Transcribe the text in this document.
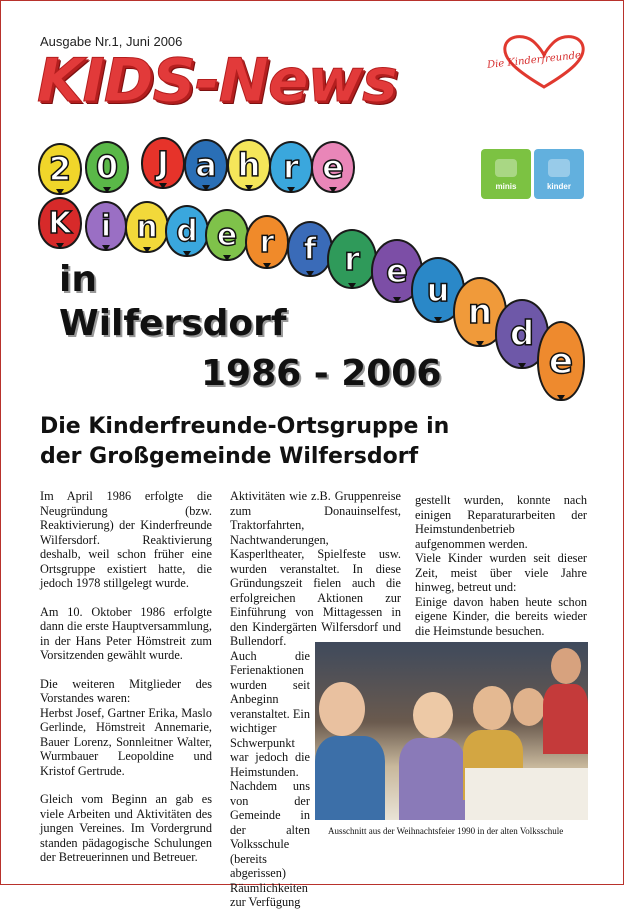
Ausgabe Nr.1, Juni 2006
KIDS-News	Die Kinderfreunde
minis	kinder
2 0	J a h r e
K i n d e r f r e u
n
d
e
in
Wilfersdorf
1986 - 2006
Die Kinderfreunde-Ortsgruppe in der Großgemeinde Wilfersdorf

Im April 1986 erfolgte die Neugründung (bzw. Reaktivierung) der Kinderfreunde Wilfersdorf. Reaktivierung deshalb, weil schon früher eine Ortsgruppe existiert hatte, die jedoch 1978 stillgelegt wurde.

Am 10. Oktober 1986 erfolgte dann die erste Hauptversammlung, in der Hans Peter Hömstreit zum Vorsitzenden gewählt wurde.

Die weiteren Mitglieder des Vorstandes waren:

Herbst Josef, Gartner Erika, Maslo Gerlinde, Hömstreit Annemarie, Bauer Lorenz, Sonnleitner Walter, Wurmbauer Leopoldine und Kristof Gertrude.

Gleich vom Beginn an gab es viele Arbeiten und Aktivitäten des jungen Vereines. Im Vordergrund standen pädagogische Schulungen der Betreuerinnen und Betreuer.

Aktivitäten wie z.B. Gruppenreise zum Donauinselfest, Traktorfahrten, Nachtwanderungen, Kasperltheater, Spielfeste usw. wurden veranstaltet. In diese Gründungszeit fielen auch die erfolgreichen Aktionen zur Einführung von Mittagessen in den Kindergärten Wilfersdorf und Bullendorf.

Auch die Ferienaktionen wurden seit Anbeginn veranstaltet. Ein wichtiger Schwerpunkt war jedoch die Heimstunden. Nachdem uns von der Gemeinde in der alten Volksschule (bereits abgerissen) Räumlichkeiten zur Verfügung

gestellt wurden, konnte nach einigen Reparaturarbeiten der Heimstundenbetrieb aufgenommen werden.

Viele Kinder wurden seit dieser Zeit, meist über viele Jahre hinweg, betreut und:

Einige davon haben heute schon eigene Kinder, die bereits wieder die Heimstunde besuchen.

Ausschnitt aus der Weihnachtsfeier 1990 in der alten Volksschule
